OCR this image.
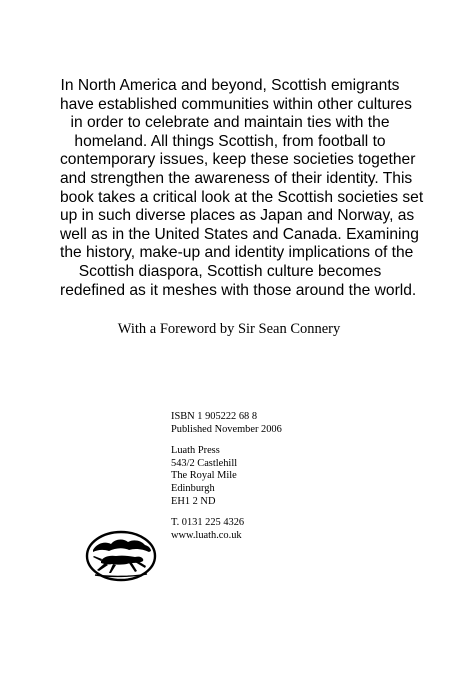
In North America and beyond, Scottish emigrants
have established communities within other cultures
in order to celebrate and maintain ties with the
homeland. All things Scottish, from football to
contemporary issues, keep these societies together
and strengthen the awareness of their identity. This
book takes a critical look at the Scottish societies set
up in such diverse places as Japan and Norway, as
well as in the United States and Canada. Examining
the history, make-up and identity implications of the
Scottish diaspora, Scottish culture becomes
redefined as it meshes with those around the world.

With a Foreword by Sir Sean Connery

ISBN 1 905222 68 8
Published November 2006
Luath Press
543/2 Castlehill
The Royal Mile
Edinburgh
EH1 2 ND
T. 0131 225 4326
www.luath.co.uk
